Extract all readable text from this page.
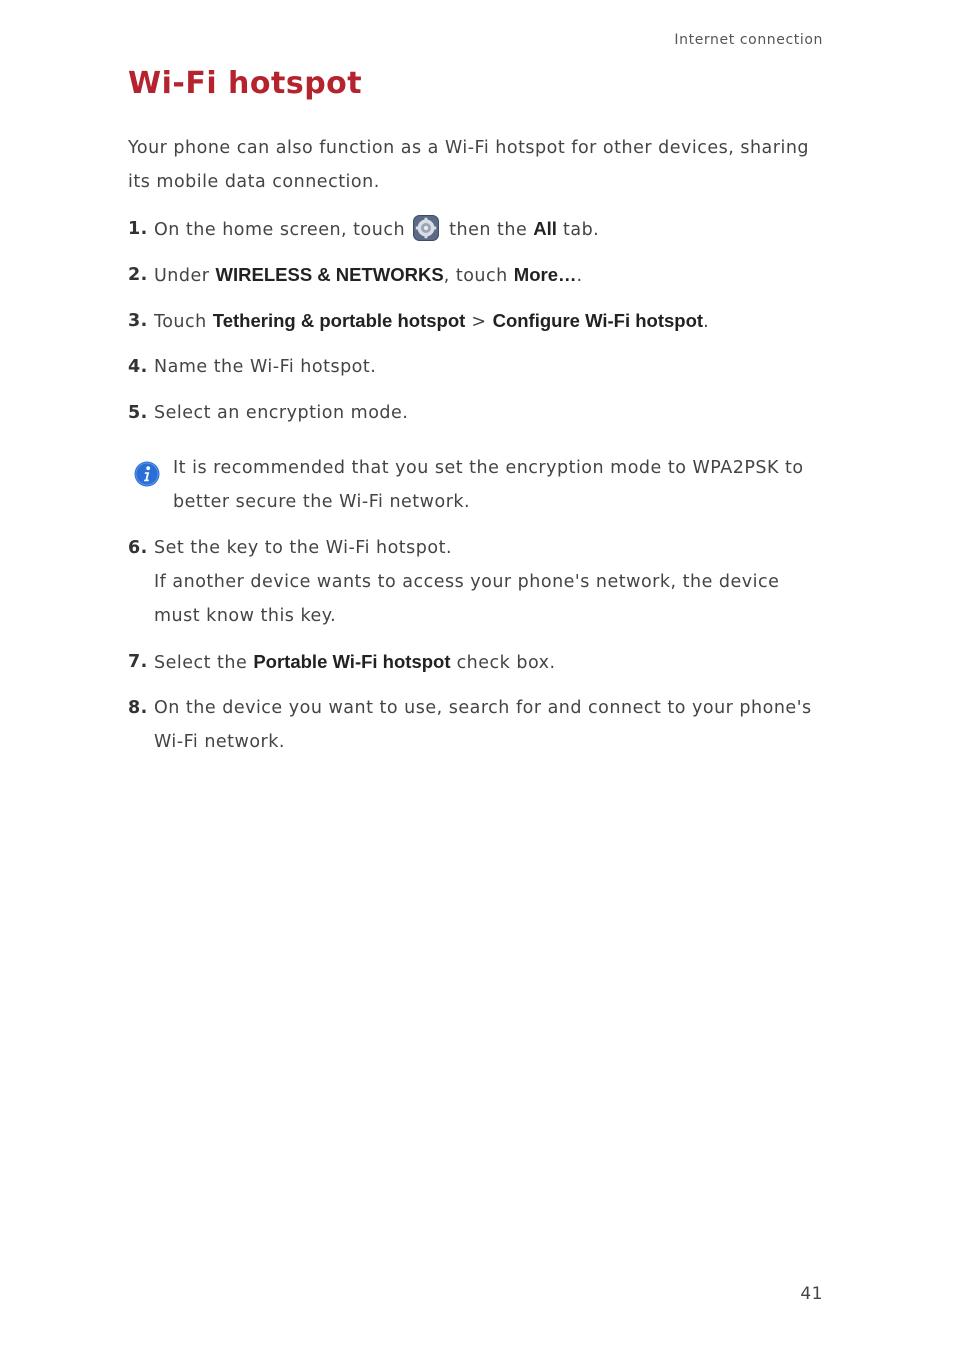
Internet connection
Wi-Fi hotspot

Your phone can also function as a Wi-Fi hotspot for other devices, sharing its mobile data connection.

1. On the home screen, touch then the All tab.
2. Under WIRELESS & NETWORKS, touch More….
3. Touch Tethering & portable hotspot > Configure Wi-Fi hotspot.
4. Name the Wi-Fi hotspot.
5. Select an encryption mode.
It is recommended that you set the encryption mode to WPA2PSK to better secure the Wi-Fi network.
6. Set the key to the Wi-Fi hotspot.
If another device wants to access your phone's network, the device must know this key.
7. Select the Portable Wi-Fi hotspot check box.
8. On the device you want to use, search for and connect to your phone's Wi-Fi network.
41
